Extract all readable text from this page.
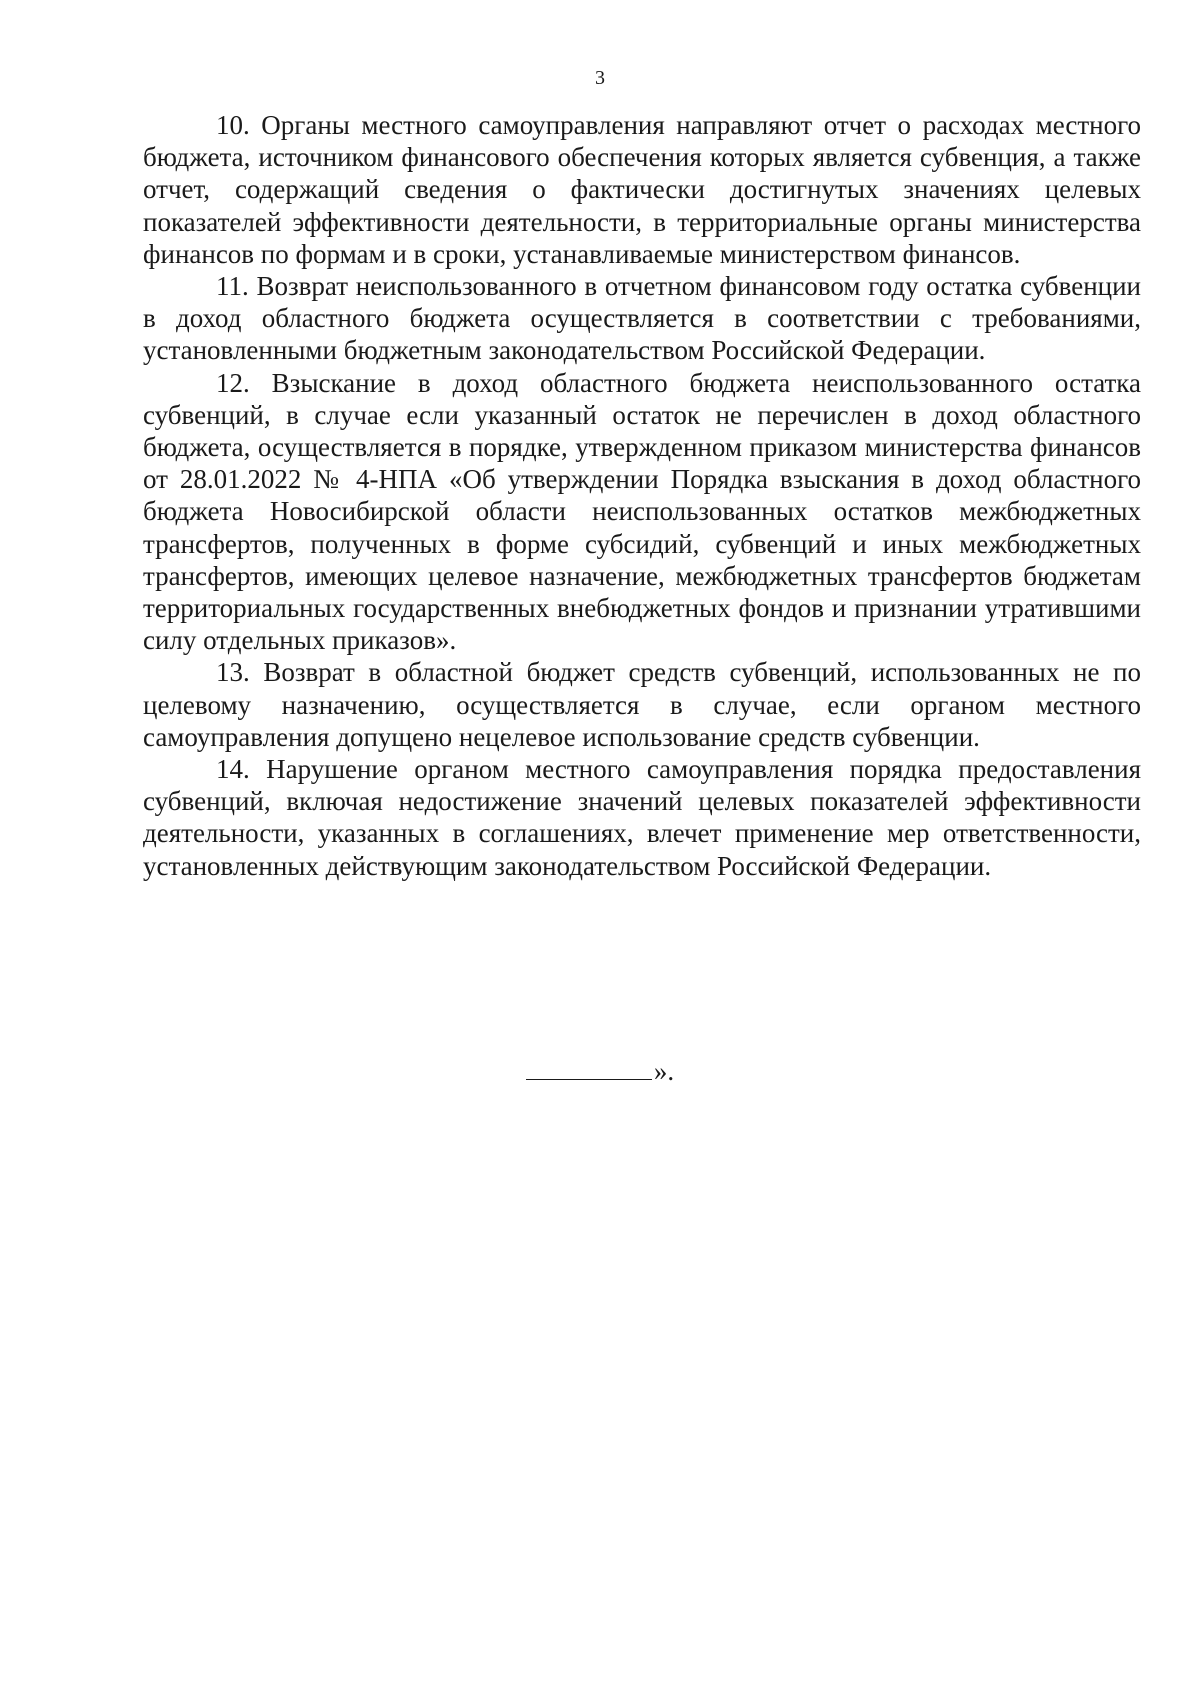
3

10. Органы местного самоуправления направляют отчет о расходах местного бюджета, источником финансового обеспечения которых является субвенция, а также отчет, содержащий сведения о фактически достигнутых значениях целевых показателей эффективности деятельности, в территориальные органы министерства финансов по формам и в сроки, устанавливаемые министерством финансов.

11. Возврат неиспользованного в отчетном финансовом году остатка субвенции в доход областного бюджета осуществляется в соответствии с требованиями, установленными бюджетным законодательством Российской Федерации.

12. Взыскание в доход областного бюджета неиспользованного остатка субвенций, в случае если указанный остаток не перечислен в доход областного бюджета, осуществляется в порядке, утвержденном приказом министерства финансов от 28.01.2022 № 4-НПА «Об утверждении Порядка взыскания в доход областного бюджета Новосибирской области неиспользованных остатков межбюджетных трансфертов, полученных в форме субсидий, субвенций и иных межбюджетных трансфертов, имеющих целевое назначение, межбюджетных трансфертов бюджетам территориальных государственных внебюджетных фондов и признании утратившими силу отдельных приказов».

13. Возврат в областной бюджет средств субвенций, использованных не по целевому назначению, осуществляется в случае, если органом местного самоуправления допущено нецелевое использование средств субвенции.

14. Нарушение органом местного самоуправления порядка предоставления субвенций, включая недостижение значений целевых показателей эффективности деятельности, указанных в соглашениях, влечет применение мер ответственности, установленных действующим законодательством Российской Федерации.

».
